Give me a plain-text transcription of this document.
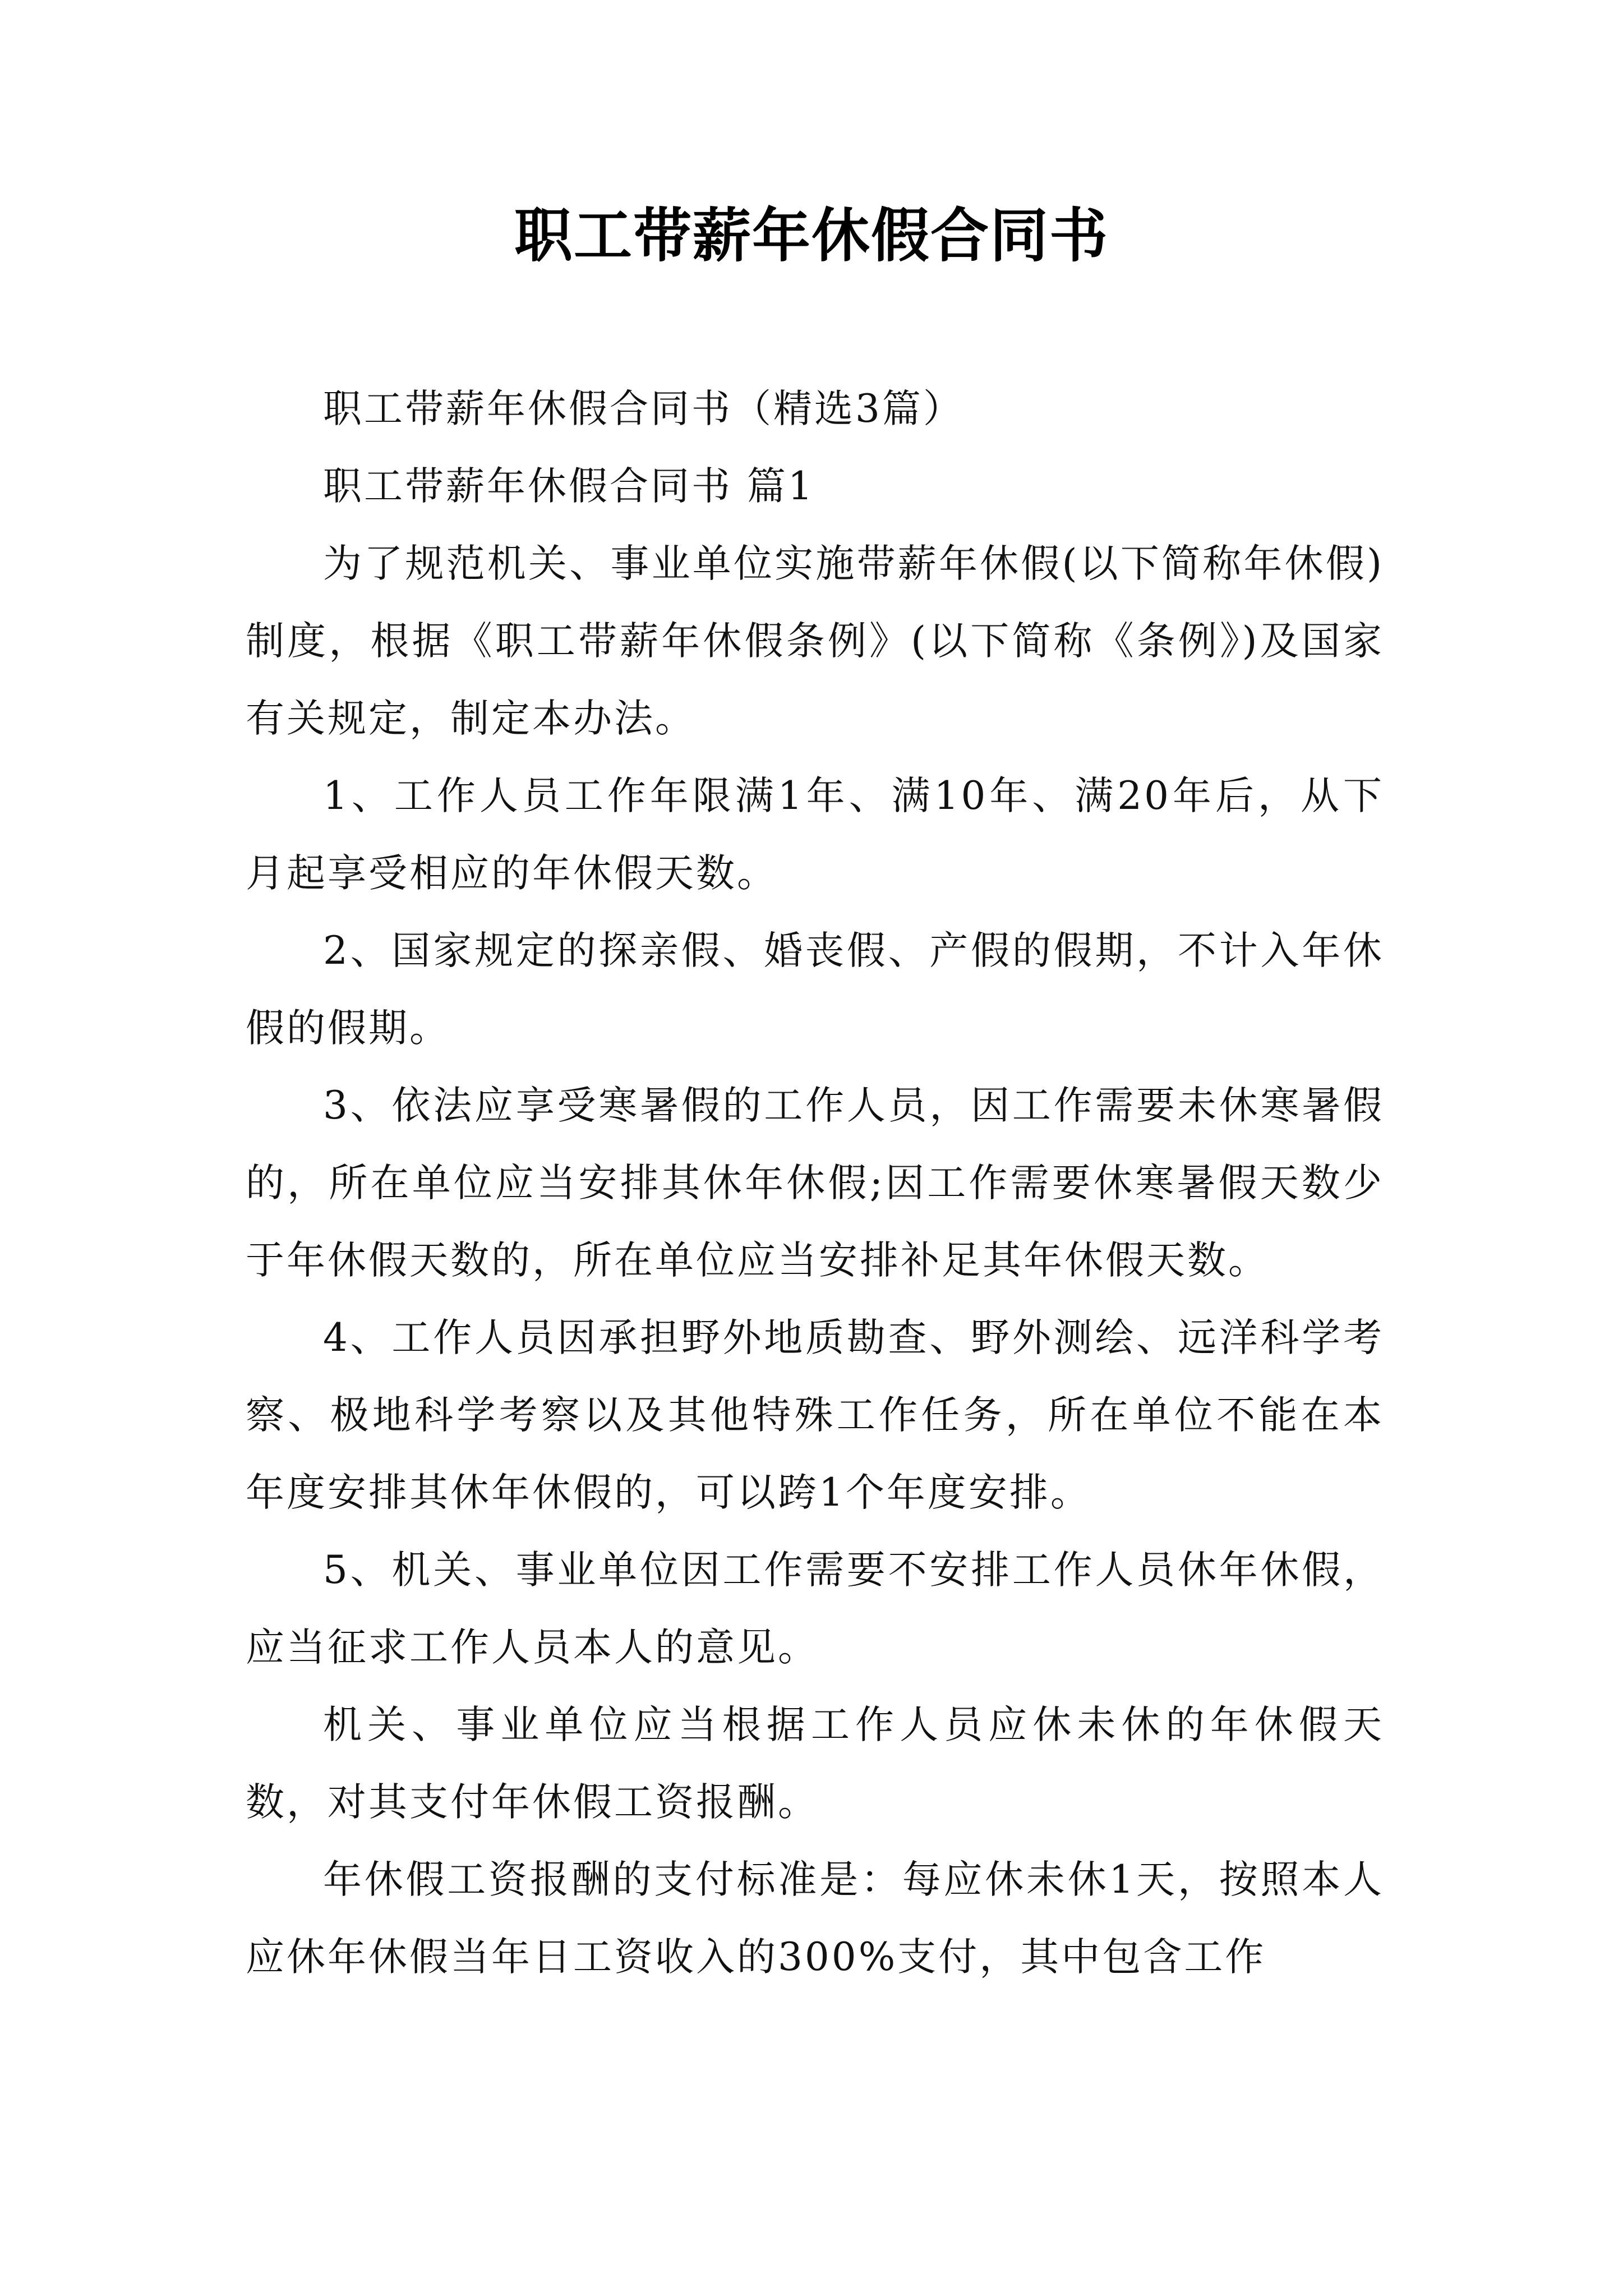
职工带薪年休假合同书

职工带薪年休假合同书（精选3篇）

职工带薪年休假合同书 篇1

为了规范机关、事业单位实施带薪年休假(以下简称年休假)制度，根据《职工带薪年休假条例》(以下简称《条例》)及国家有关规定，制定本办法。

1、工作人员工作年限满1年、满10年、满20年后，从下月起享受相应的年休假天数。

2、国家规定的探亲假、婚丧假、产假的假期，不计入年休假的假期。

3、依法应享受寒暑假的工作人员，因工作需要未休寒暑假的，所在单位应当安排其休年休假;因工作需要休寒暑假天数少于年休假天数的，所在单位应当安排补足其年休假天数。

4、工作人员因承担野外地质勘查、野外测绘、远洋科学考察、极地科学考察以及其他特殊工作任务，所在单位不能在本年度安排其休年休假的，可以跨1个年度安排。

5、机关、事业单位因工作需要不安排工作人员休年休假，应当征求工作人员本人的意见。

机关、事业单位应当根据工作人员应休未休的年休假天数，对其支付年休假工资报酬。

年休假工资报酬的支付标准是：每应休未休1天，按照本人应休年休假当年日工资收入的300%支付，其中包含工作
